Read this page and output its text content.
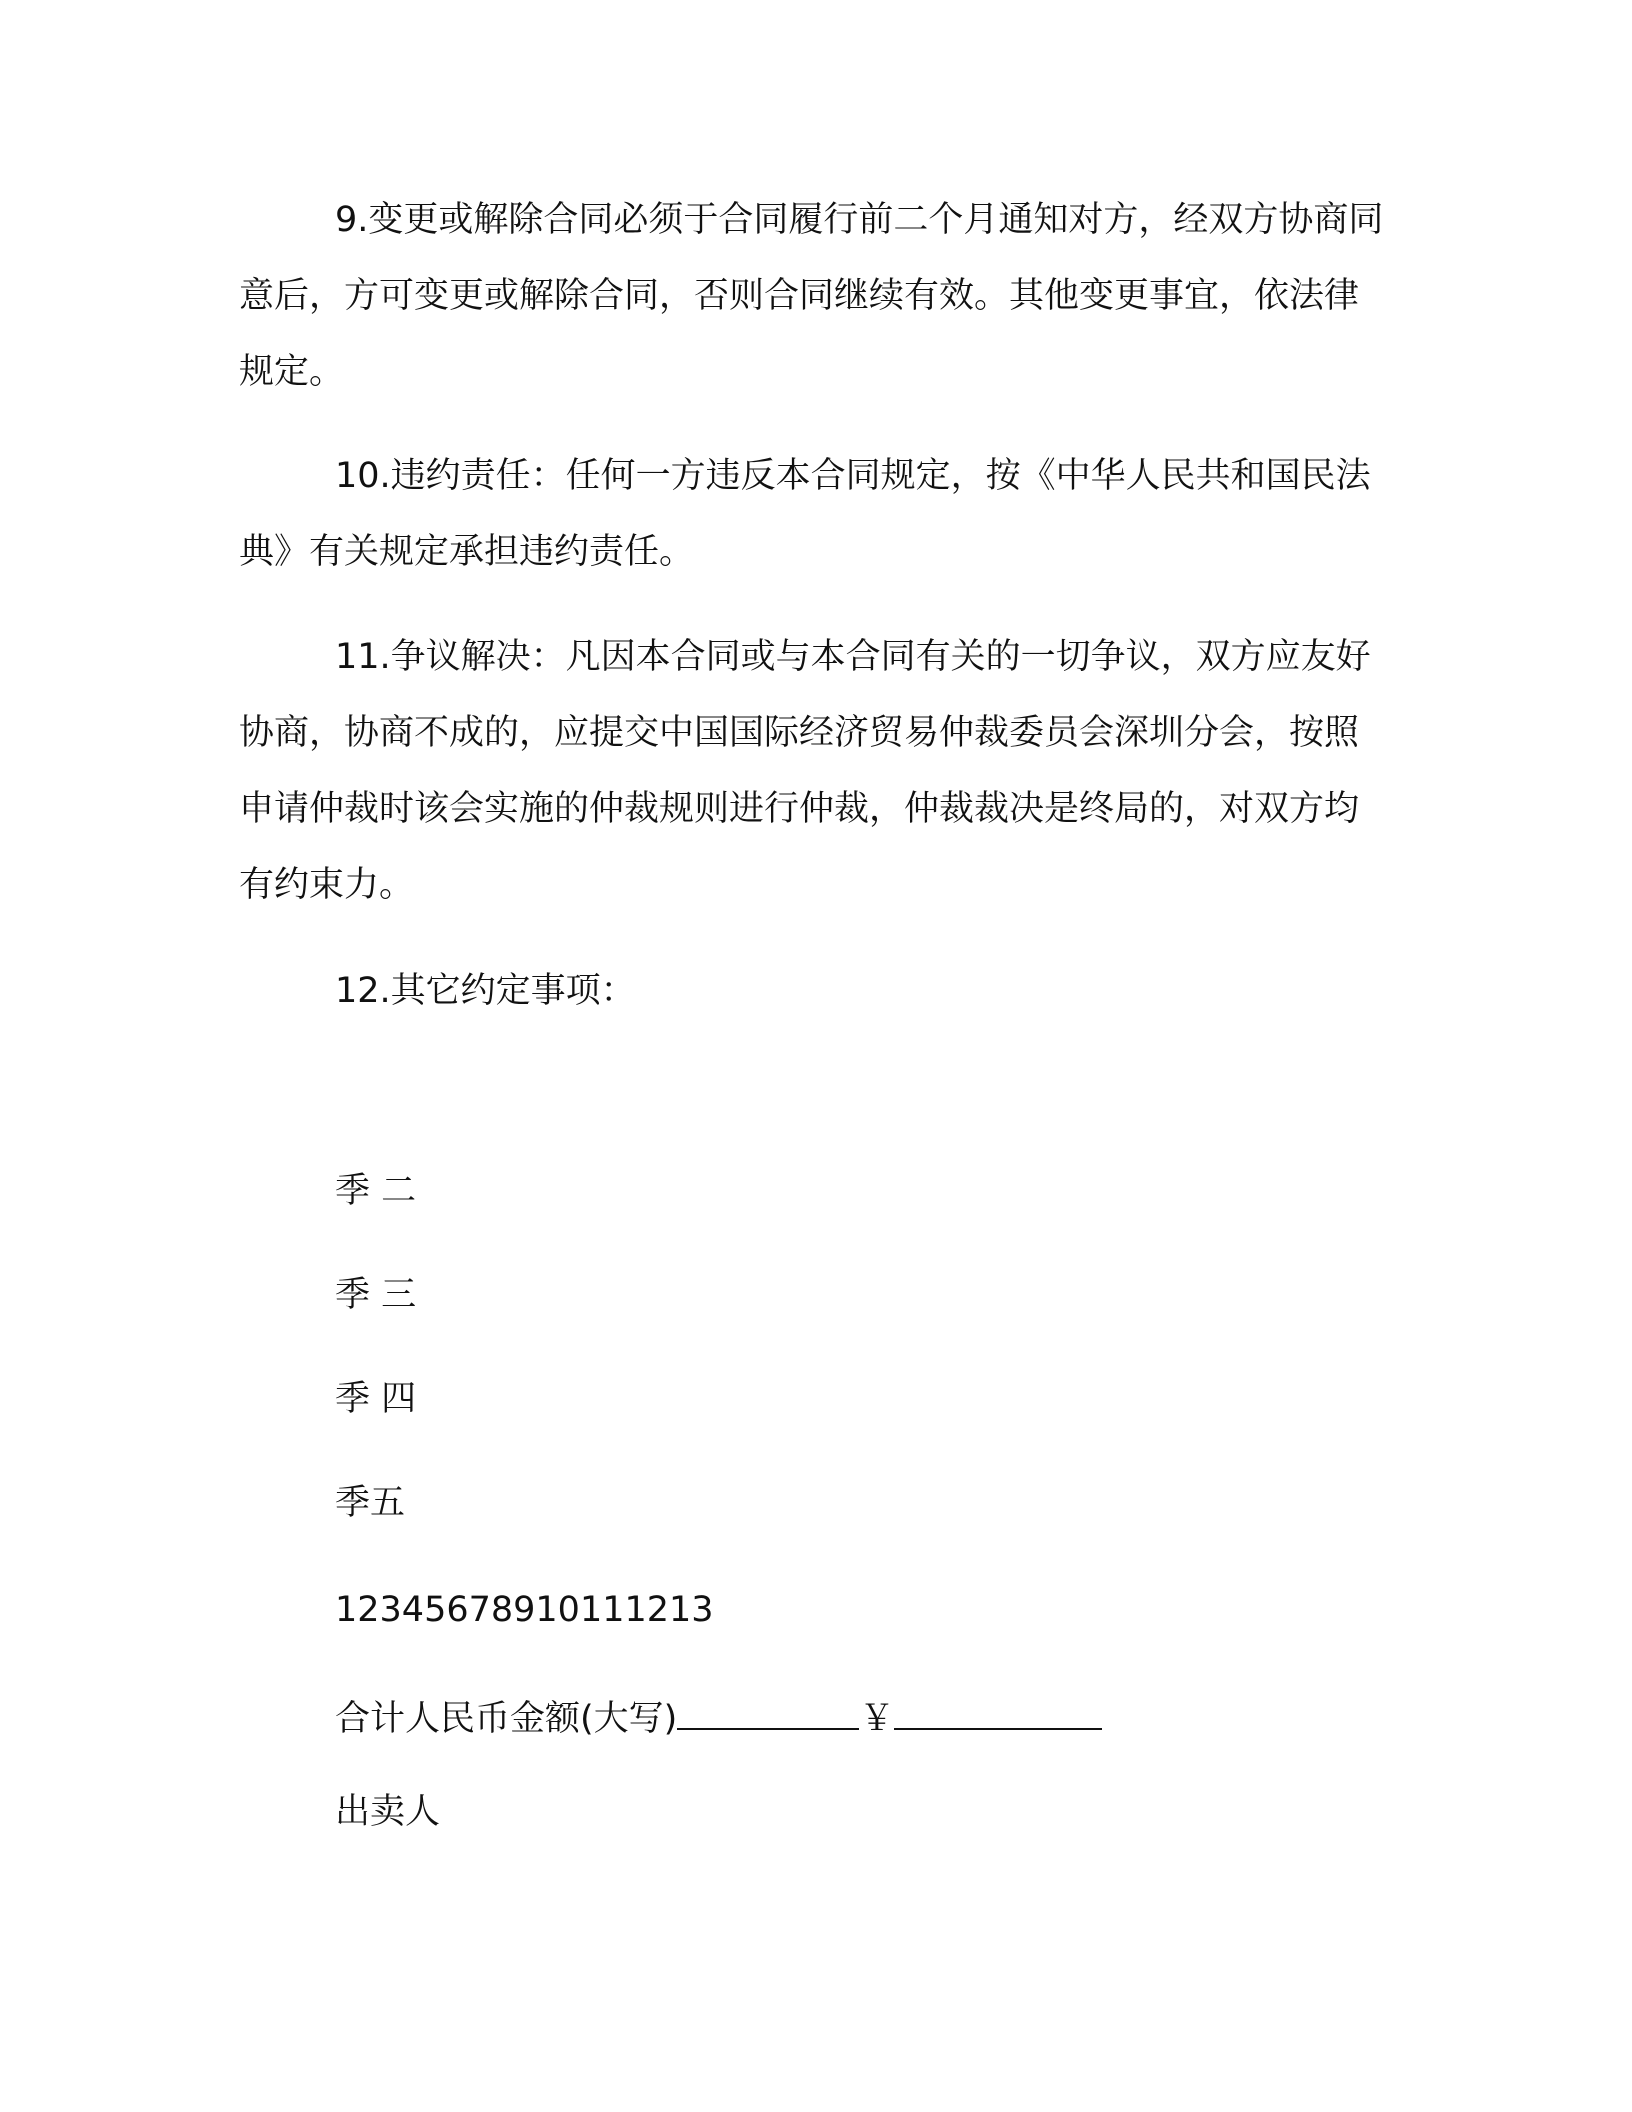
9.变更或解除合同必须于合同履行前二个月通知对方，经双方协商同意后，方可变更或解除合同，否则合同继续有效。其他变更事宜，依法律规定。

10.违约责任：任何一方违反本合同规定，按《中华人民共和国民法典》有关规定承担违约责任。

11.争议解决：凡因本合同或与本合同有关的一切争议，双方应友好协商，协商不成的，应提交中国国际经济贸易仲裁委员会深圳分会，按照申请仲裁时该会实施的仲裁规则进行仲裁，仲裁裁决是终局的，对双方均有约束力。

12.其它约定事项：

季 二

季 三

季 四

季五

12345678910111213

合计人民币金额(大写)	￥

出卖人
